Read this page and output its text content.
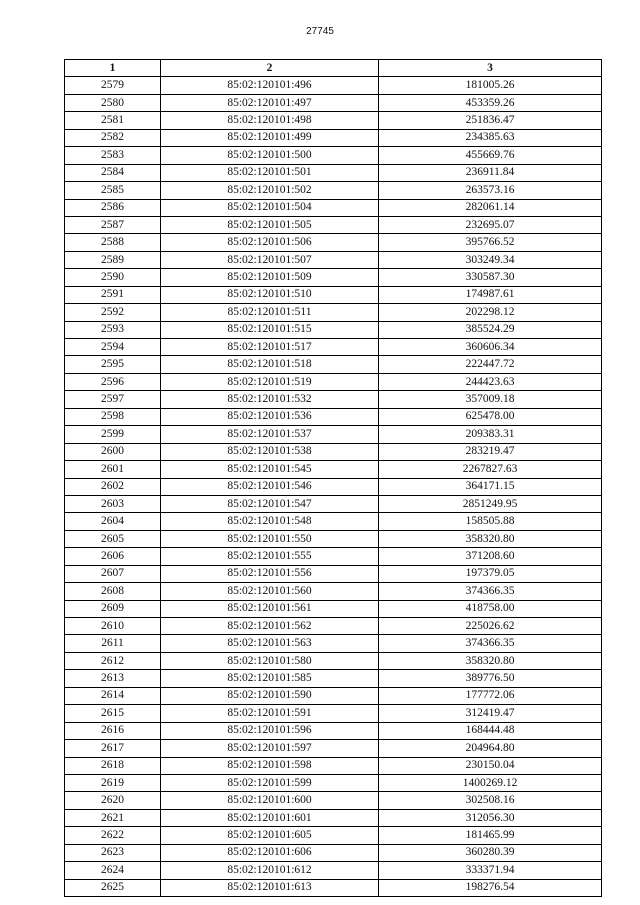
27745
1	2	3
2579	85:02:120101:496	181005.26
2580	85:02:120101:497	453359.26
2581	85:02:120101:498	251836.47
2582	85:02:120101:499	234385.63
2583	85:02:120101:500	455669.76
2584	85:02:120101:501	236911.84
2585	85:02:120101:502	263573.16
2586	85:02:120101:504	282061.14
2587	85:02:120101:505	232695.07
2588	85:02:120101:506	395766.52
2589	85:02:120101:507	303249.34
2590	85:02:120101:509	330587.30
2591	85:02:120101:510	174987.61
2592	85:02:120101:511	202298.12
2593	85:02:120101:515	385524.29
2594	85:02:120101:517	360606.34
2595	85:02:120101:518	222447.72
2596	85:02:120101:519	244423.63
2597	85:02:120101:532	357009.18
2598	85:02:120101:536	625478.00
2599	85:02:120101:537	209383.31
2600	85:02:120101:538	283219.47
2601	85:02:120101:545	2267827.63
2602	85:02:120101:546	364171.15
2603	85:02:120101:547	2851249.95
2604	85:02:120101:548	158505.88
2605	85:02:120101:550	358320.80
2606	85:02:120101:555	371208.60
2607	85:02:120101:556	197379.05
2608	85:02:120101:560	374366.35
2609	85:02:120101:561	418758.00
2610	85:02:120101:562	225026.62
2611	85:02:120101:563	374366.35
2612	85:02:120101:580	358320.80
2613	85:02:120101:585	389776.50
2614	85:02:120101:590	177772.06
2615	85:02:120101:591	312419.47
2616	85:02:120101:596	168444.48
2617	85:02:120101:597	204964.80
2618	85:02:120101:598	230150.04
2619	85:02:120101:599	1400269.12
2620	85:02:120101:600	302508.16
2621	85:02:120101:601	312056.30
2622	85:02:120101:605	181465.99
2623	85:02:120101:606	360280.39
2624	85:02:120101:612	333371.94
2625	85:02:120101:613	198276.54
